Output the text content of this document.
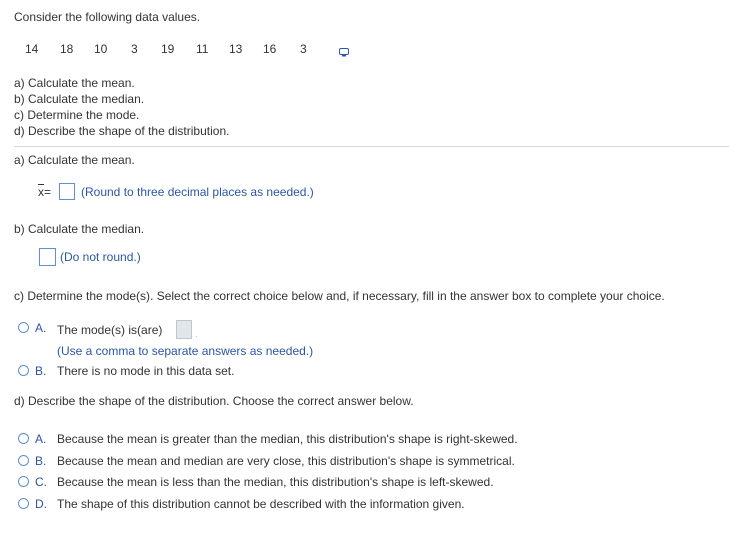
Consider the following data values.
14 18 10 3 19 11 13 16 3
a) Calculate the mean.
b) Calculate the median.
c) Determine the mode.
d) Describe the shape of the distribution.
a) Calculate the mean.
x= (Round to three decimal places as needed.)
b) Calculate the median.
(Do not round.)
c) Determine the mode(s). Select the correct choice below and, if necessary, fill in the answer box to complete your choice.
A. The mode(s) is(are)	.
(Use a comma to separate answers as needed.)
B. There is no mode in this data set.
d) Describe the shape of the distribution. Choose the correct answer below.
A. Because the mean is greater than the median, this distribution's shape is right-skewed.
B. Because the mean and median are very close, this distribution's shape is symmetrical.
C. Because the mean is less than the median, this distribution's shape is left-skewed.
D. The shape of this distribution cannot be described with the information given.
